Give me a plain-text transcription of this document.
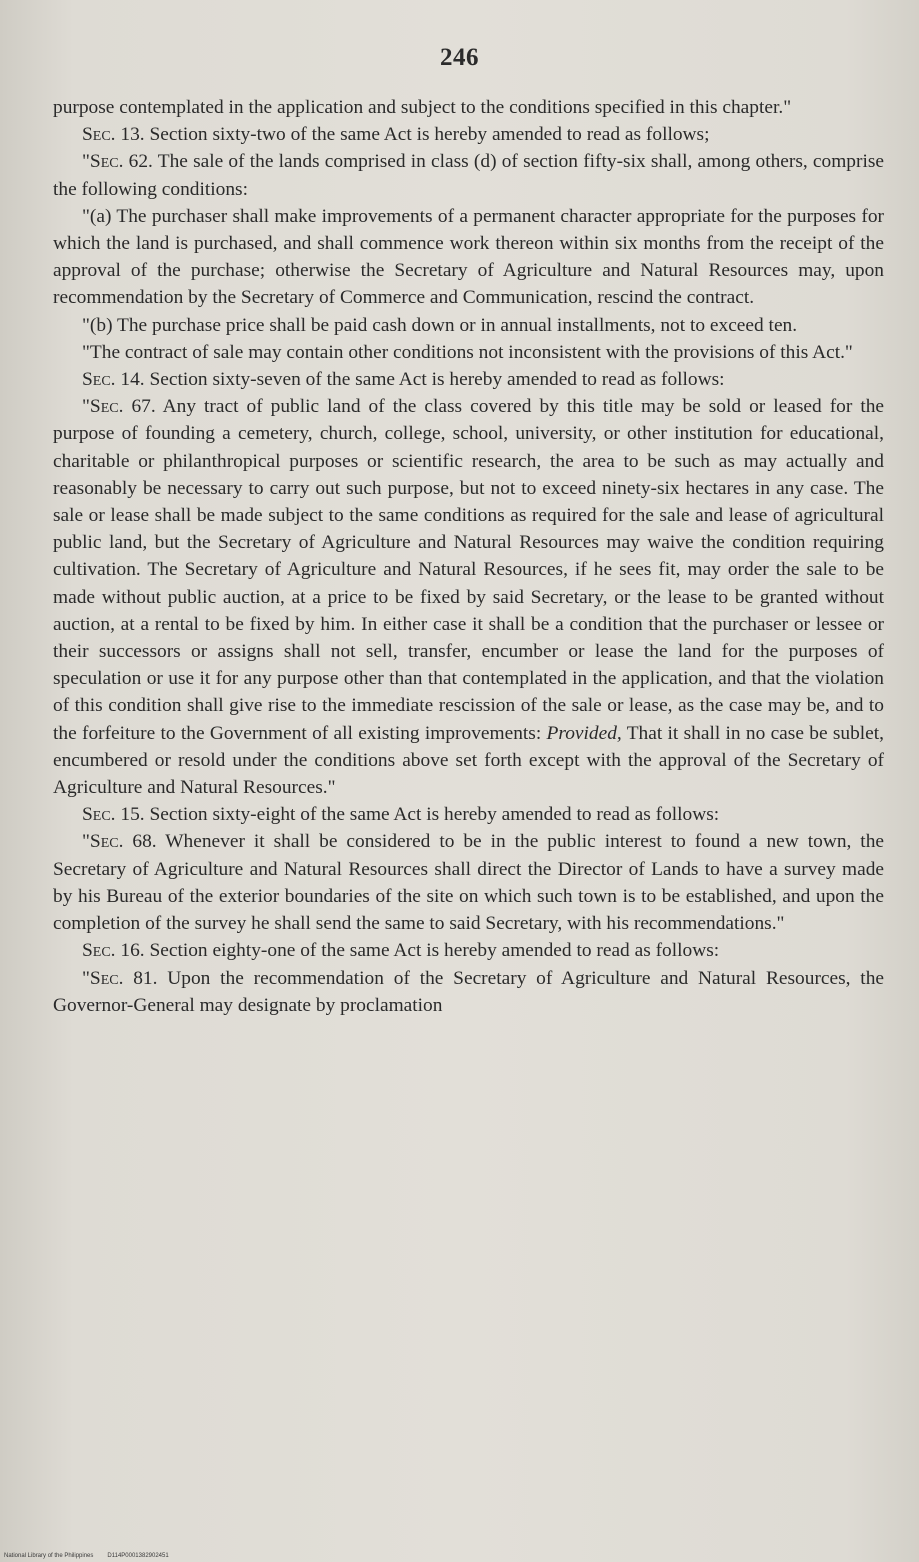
246

purpose contemplated in the application and subject to the conditions specified in this chapter."

Sec. 13. Section sixty-two of the same Act is hereby amended to read as follows;

"Sec. 62. The sale of the lands comprised in class (d) of section fifty-six shall, among others, comprise the following conditions:

"(a) The purchaser shall make improvements of a permanent character appropriate for the purposes for which the land is purchased, and shall commence work thereon within six months from the receipt of the approval of the purchase; otherwise the Secretary of Agriculture and Natural Resources may, upon recommendation by the Secretary of Commerce and Communication, rescind the contract.

"(b) The purchase price shall be paid cash down or in annual installments, not to exceed ten.

"The contract of sale may contain other conditions not inconsistent with the provisions of this Act."

Sec. 14. Section sixty-seven of the same Act is hereby amended to read as follows:

"Sec. 67. Any tract of public land of the class covered by this title may be sold or leased for the purpose of founding a cemetery, church, college, school, university, or other institution for educational, charitable or philanthropical purposes or scientific research, the area to be such as may actually and reasonably be necessary to carry out such purpose, but not to exceed ninety-six hectares in any case. The sale or lease shall be made subject to the same conditions as required for the sale and lease of agricultural public land, but the Secretary of Agriculture and Natural Resources may waive the condition requiring cultivation. The Secretary of Agriculture and Natural Resources, if he sees fit, may order the sale to be made without public auction, at a price to be fixed by said Secretary, or the lease to be granted without auction, at a rental to be fixed by him. In either case it shall be a condition that the purchaser or lessee or their successors or assigns shall not sell, transfer, encumber or lease the land for the purposes of speculation or use it for any purpose other than that contemplated in the application, and that the violation of this condition shall give rise to the immediate rescission of the sale or lease, as the case may be, and to the forfeiture to the Government of all existing improvements: Provided, That it shall in no case be sublet, encumbered or resold under the conditions above set forth except with the approval of the Secretary of Agriculture and Natural Resources."

Sec. 15. Section sixty-eight of the same Act is hereby amended to read as follows:

"Sec. 68. Whenever it shall be considered to be in the public interest to found a new town, the Secretary of Agriculture and Natural Resources shall direct the Director of Lands to have a survey made by his Bureau of the exterior boundaries of the site on which such town is to be established, and upon the completion of the survey he shall send the same to said Secretary, with his recommendations."

Sec. 16. Section eighty-one of the same Act is hereby amended to read as follows:

"Sec. 81. Upon the recommendation of the Secretary of Agriculture and Natural Resources, the Governor-General may designate by proclamation

National Library of the Philippines D114P0001382902451
